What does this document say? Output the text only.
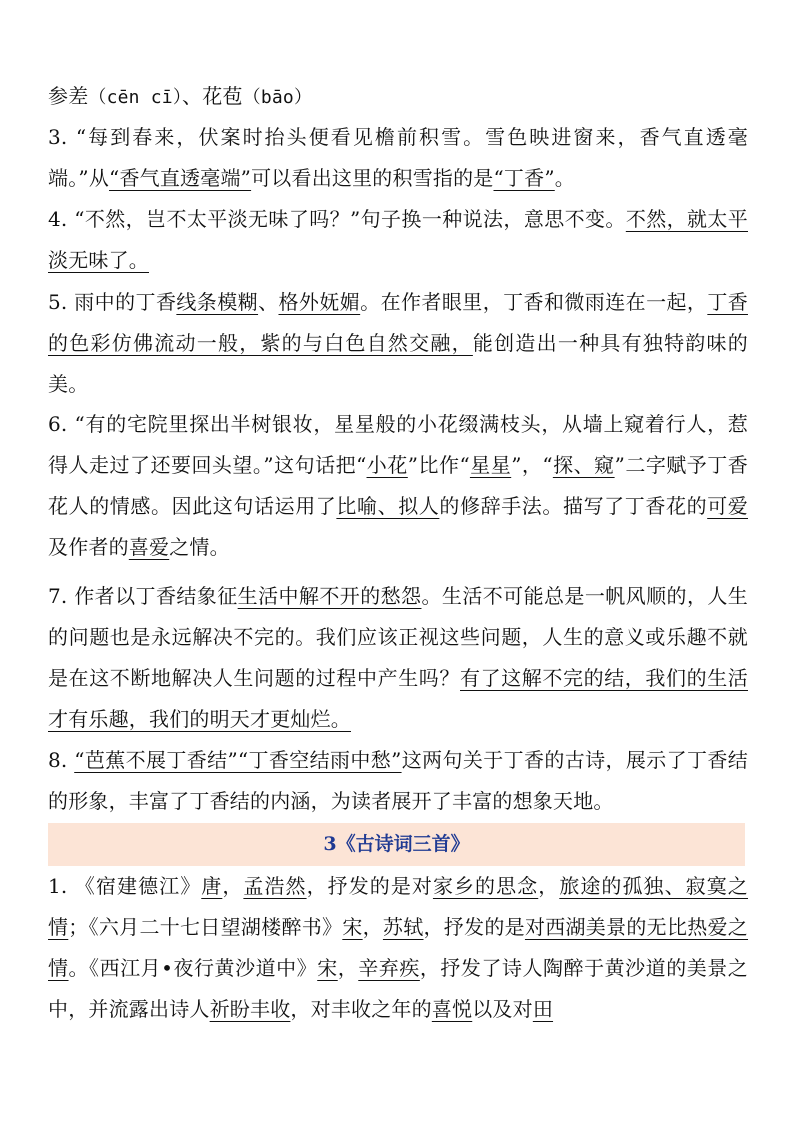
参差（cēn cī）、花苞（bāo）

3. “每到春来，伏案时抬头便看见檐前积雪。雪色映进窗来，香气直透毫端。”从“香气直透毫端”可以看出这里的积雪指的是“丁香”。

4. “不然，岂不太平淡无味了吗？”句子换一种说法，意思不变。不然，就太平淡无味了。

5. 雨中的丁香线条模糊、格外妩媚。在作者眼里，丁香和微雨连在一起，丁香的色彩仿佛流动一般，紫的与白色自然交融，能创造出一种具有独特韵味的美。

6. “有的宅院里探出半树银妆，星星般的小花缀满枝头，从墙上窥着行人，惹得人走过了还要回头望。”这句话把“小花”比作“星星”，“探、窥”二字赋予丁香花人的情感。因此这句话运用了比喻、拟人的修辞手法。描写了丁香花的可爱及作者的喜爱之情。

7. 作者以丁香结象征生活中解不开的愁怨。生活不可能总是一帆风顺的，人生的问题也是永远解决不完的。我们应该正视这些问题，人生的意义或乐趣不就是在这不断地解决人生问题的过程中产生吗？有了这解不完的结，我们的生活才有乐趣，我们的明天才更灿烂。

8. “芭蕉不展丁香结”“丁香空结雨中愁”这两句关于丁香的古诗，展示了丁香结的形象，丰富了丁香结的内涵，为读者展开了丰富的想象天地。

3《古诗词三首》

1. 《宿建德江》唐，孟浩然，抒发的是对家乡的思念，旅途的孤独、寂寞之情；《六月二十七日望湖楼醉书》宋，苏轼，抒发的是对西湖美景的无比热爱之情。《西江月•夜行黄沙道中》宋，辛弃疾，抒发了诗人陶醉于黄沙道的美景之中，并流露出诗人祈盼丰收，对丰收之年的喜悦以及对田
